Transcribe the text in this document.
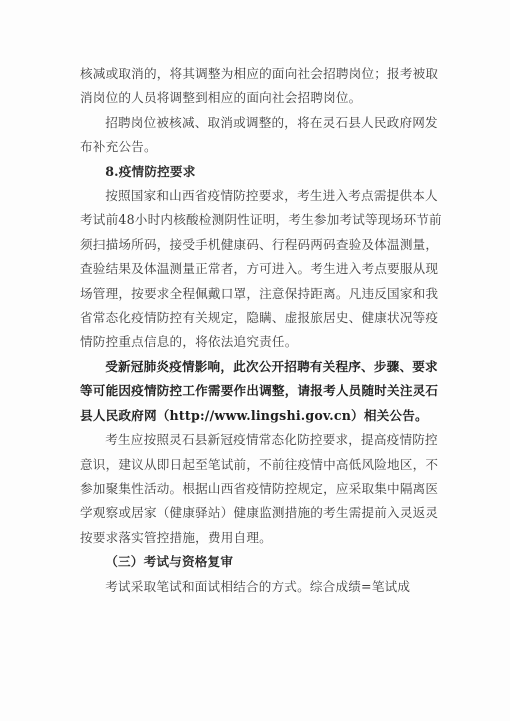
核减或取消的，将其调整为相应的面向社会招聘岗位；报考被取消岗位的人员将调整到相应的面向社会招聘岗位。

招聘岗位被核减、取消或调整的，将在灵石县人民政府网发布补充公告。

8.疫情防控要求

按照国家和山西省疫情防控要求，考生进入考点需提供本人考试前48小时内核酸检测阴性证明，考生参加考试等现场环节前须扫描场所码，接受手机健康码、行程码两码查验及体温测量，查验结果及体温测量正常者，方可进入。考生进入考点要服从现场管理，按要求全程佩戴口罩，注意保持距离。凡违反国家和我省常态化疫情防控有关规定，隐瞒、虚报旅居史、健康状况等疫情防控重点信息的，将依法追究责任。

受新冠肺炎疫情影响，此次公开招聘有关程序、步骤、要求等可能因疫情防控工作需要作出调整，请报考人员随时关注灵石县人民政府网（http://www.lingshi.gov.cn）相关公告。

考生应按照灵石县新冠疫情常态化防控要求，提高疫情防控意识，建议从即日起至笔试前，不前往疫情中高低风险地区，不参加聚集性活动。根据山西省疫情防控规定，应采取集中隔离医学观察或居家（健康驿站）健康监测措施的考生需提前入灵返灵按要求落实管控措施，费用自理。

（三）考试与资格复审

考试采取笔试和面试相结合的方式。综合成绩=笔试成
